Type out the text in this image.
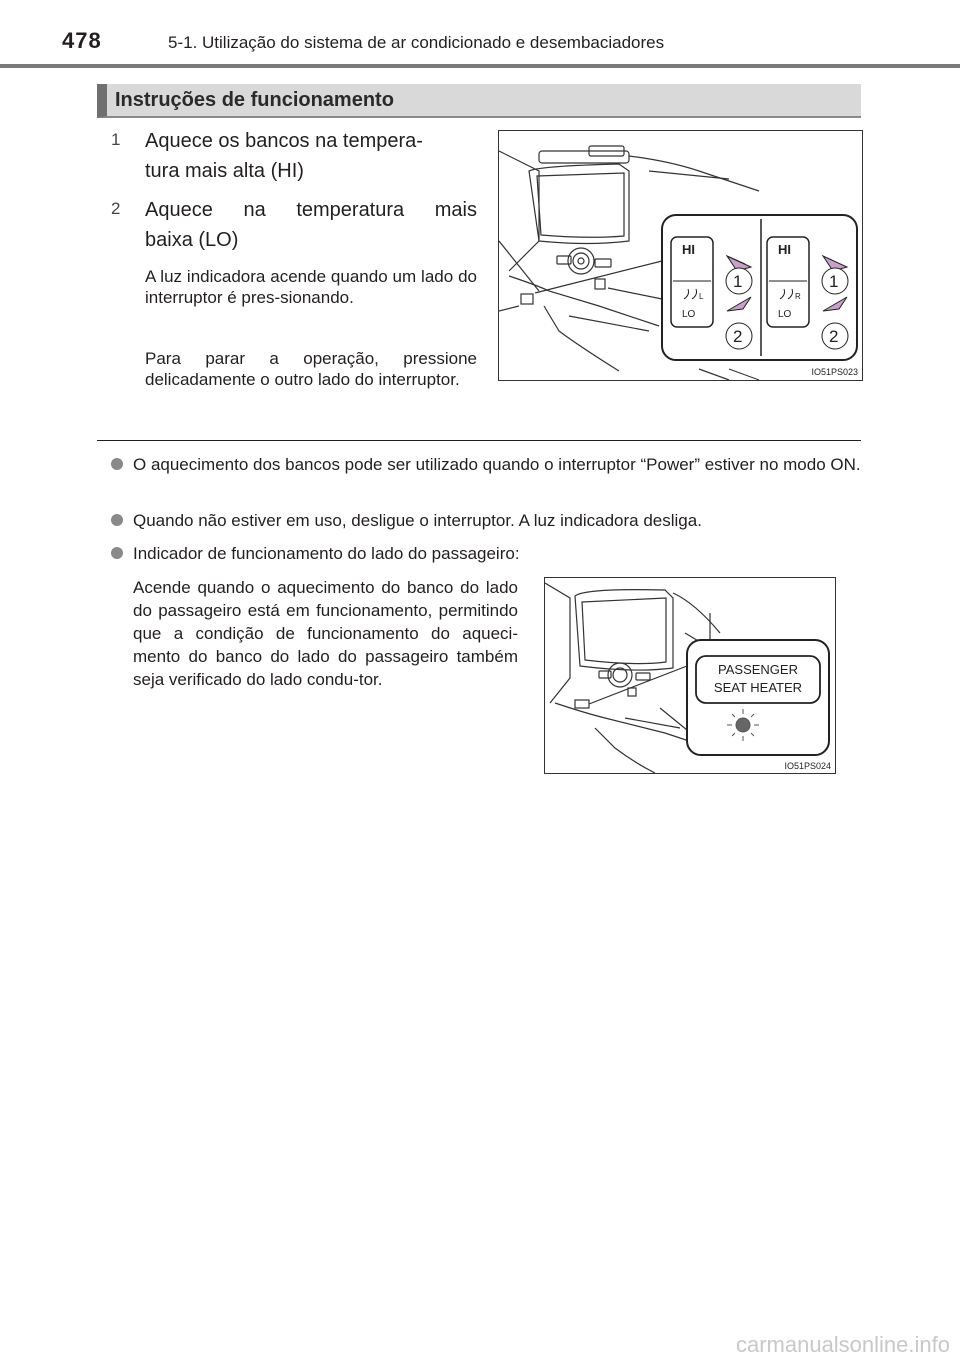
478	5-1. Utilização do sistema de ar condicionado e desembaciadores
Instruções de funcionamento
1 Aquece os bancos na tempera-
tura mais alta (HI)
2 Aquece na temperatura mais
baixa (LO)
A luz indicadora acende quando um lado do interruptor é pres-sionando.
Para parar a operação, pressione delicadamente o outro lado do interruptor.
HI
LO
L
HI
LO
R
1
2
1
2
IO51PS023
O aquecimento dos bancos pode ser utilizado quando o interruptor “Power” estiver no modo ON.
Quando não estiver em uso, desligue o interruptor. A luz indicadora desliga.
Indicador de funcionamento do lado do passageiro:
Acende quando o aquecimento do banco do lado do passageiro está em funcionamento, permitindo que a condição de funcionamento do aqueci-mento do banco do lado do passageiro também seja verificado do lado condu-tor.
PASSENGER
SEAT HEATER
IO51PS024
carmanualsonline.info
